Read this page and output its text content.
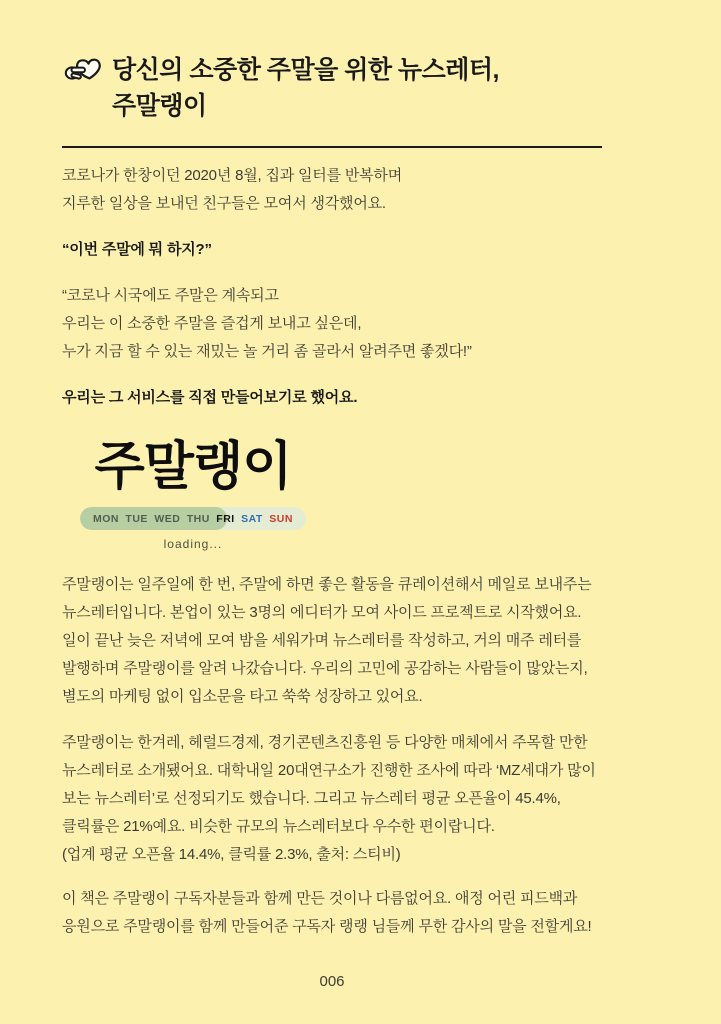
당신의 소중한 주말을 위한 뉴스레터,
주말랭이
코로나가 한창이던 2020년 8월, 집과 일터를 반복하며
지루한 일상을 보내던 친구들은 모여서 생각했어요.
“이번 주말에 뭐 하지?”
“코로나 시국에도 주말은 계속되고
우리는 이 소중한 주말을 즐겁게 보내고 싶은데,
누가 지금 할 수 있는 재밌는 놀 거리 좀 골라서 알려주면 좋겠다!”
우리는 그 서비스를 직접 만들어보기로 했어요.
주말랭이
MON TUE WED THU FRI SAT SUN
loading...
주말랭이는 일주일에 한 번, 주말에 하면 좋은 활동을 큐레이션해서 메일로 보내주는
뉴스레터입니다. 본업이 있는 3명의 에디터가 모여 사이드 프로젝트로 시작했어요.
일이 끝난 늦은 저녁에 모여 밤을 세워가며 뉴스레터를 작성하고, 거의 매주 레터를
발행하며 주말랭이를 알려 나갔습니다. 우리의 고민에 공감하는 사람들이 많았는지,
별도의 마케팅 없이 입소문을 타고 쑥쑥 성장하고 있어요.
주말랭이는 한겨레, 헤럴드경제, 경기콘텐츠진흥원 등 다양한 매체에서 주목할 만한
뉴스레터로 소개됐어요. 대학내일 20대연구소가 진행한 조사에 따라 ‘MZ세대가 많이
보는 뉴스레터’로 선정되기도 했습니다. 그리고 뉴스레터 평균 오픈율이 45.4%,
클릭률은 21%예요. 비슷한 규모의 뉴스레터보다 우수한 편이랍니다.
(업계 평균 오픈율 14.4%, 클릭률 2.3%, 출처: 스티비)
이 책은 주말랭이 구독자분들과 함께 만든 것이나 다름없어요. 애정 어린 피드백과
응원으로 주말랭이를 함께 만들어준 구독자 랭랭 님들께 무한 감사의 말을 전할게요!
006
